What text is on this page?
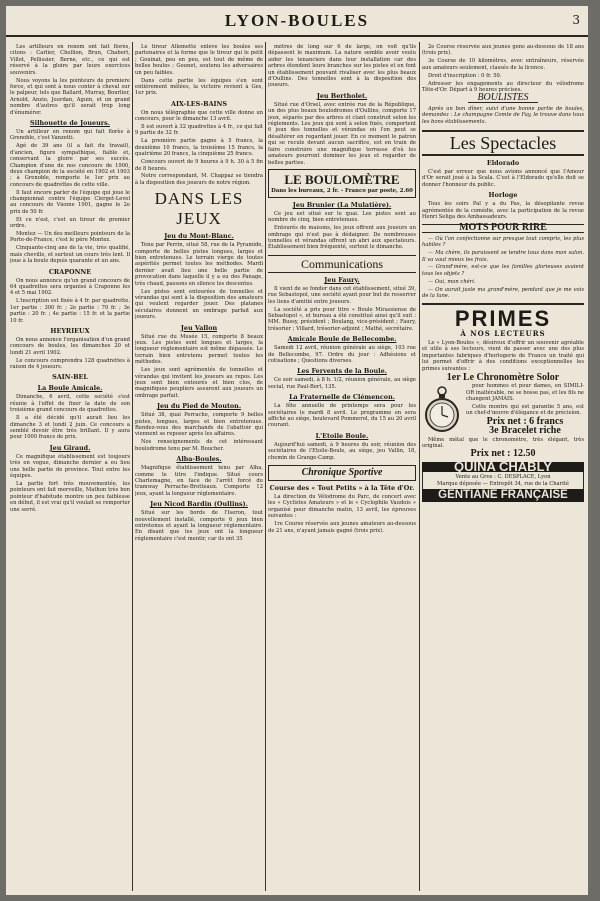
LYON-BOULES	3

Les artilleurs en renom ont fait florès, citons : Carlier, Chollion, Brun, Chabert, Villot, Pellissier, Berne, etc., ce qui est réservé à la gloire par leurs exercices souvenirs.

Nous voyons la les pointeurs de premiere force, et qui sont à nous conter à cheval sur le palpeur, tels que Ballard, Murray, Bourlier, Arnold, Anzio, Jourdan, Aguin, et un grand nombre d'autres qu'il serait trop long d'énumérer.

Silhouette de Joueurs.

Un artilleur en renom qui fait florès à Grenoble, c'est Vanzetti.

Agé de 39 ans (il a fait du travail), d'ancien, figure sympathique, fiable et, conservant la gloire par ses succès. Champion d'une de nos concours de 1900, deux champion de la société en 1902 et 1903 ; à Grenoble, remporte le 1er prix au concours de quadrettes de cette ville.

Il faut encore parler de l'équipe qui joue le championnat contre l'équipe Clerget-Level au concours de Vienne 1901, gagne le 2e prix de 50 fr.

Et ce n'est, c'est un tireur de premier ordre.

Montez — Un des meilleurs pointeurs de la Porte-de-France, c'est le père Montez.

Cinquante-cinq ans de la vie, très qualifié, mais cheville, et surtout un cours très lent. Il joue à la boule depuis quarante et un ans.

CRAPONNE

On nous annonce qu'un grand concours de 64 quadrettes sera organisé à Craponne les 4 et 5 mai 1902.

L'inscription est fixée à 4 fr. par quadrette. 1er partie : 300 fr. ; 2e partie : 70 fr. ; 3e partie : 20 fr. ; 4e partie : 15 fr. et la partie 10 fr.

HEYRIEUX

On nous annonce l'organisation d'un grand concours de boules, les dimanches 20 et lundi 21 avril 1902.

Le concours comprendra 128 quadrettes à raison de 4 joueurs.

SAIN-BEL
La Boule Amicale.

Dimanche, 6 avril, cette société s'est réunie à l'effet de fixer la date de son troisième grand concours de quadrettes.

Il a été décidé qu'il aurait lieu les dimanche 3 et lundi 2 juin. Ce concours a semblé devoir être très brillant. Il y aura pour 1000 francs de prix.

Jeu Giraud.

Ce magnifique établissement est toujours très en vogue, dimanche dernier a eu lieu une belle partie de province. Tout entre les équipes.

La partie fort très mouvementée, les pointeurs ont fait merveille, Mathon très bon pointeur d'habitude montre un peu faiblesse en début, il est vrai qu'il voulait se remporter une serré.

Le tireur Allemette enlève les boules ses partenaires et la forme que le tireur qui le petit ; Gouinat, peu en peu, est tout de même de belles boules ; Gounet, soutenu les adversaires un peu faibles.

Dans cette partie les équipes s'en sont entièrement mêlées, la victoire revient à Ges, 1er prix.

AIX-LES-BAINS

On nous télégraphie que cette ville donne un concours, pour le dimanche 13 avril.

Il est ouvert à 32 quadrettes à 4 fr., ce qui fait 9 partie de 32 fr.

La première partie gagne à 5 francs, la deuxième 10 francs, la troisième 15 francs, la quatrième 20 francs, la cinquième 25 francs.

Concours ouvert de 9 heures à 9 h. 30 à 5 fin de 8 heures.

Notre correspondant, M. Chappaz se tiendra à la disposition des joueurs de notre région.

DANS LES JEUX
Jeu du Mont-Blanc.

Tenu par Perrin, situé 58, rue de la Pyramide, comporte de belles pistes longues, larges et bien entretenues. Le terrain vierge de toutes aspérités permet toutes les méthodes. Mardi dernier avait lieu une belle partie de provocation dans laquelle il y a eu des Panage, très chaud, passons en silence les descentes.

Les pistes sont entourées de tonnelles et vérandas qui sont à la disposition des amateurs qui veulent regarder jouer. Des platanes séculaires donnent un ombrage parfait aux joueurs.

Jeu Vallon

Situé rue du Musée 15, comporte 8 beaux jeux. Les pistes sont longues et larges, la longueur réglementaire est même dépassée. Le terrain bien entretenu permet toutes les méthodes.

Les jeux sont agrémentés de tonnelles et vérandas qui invitent les joueurs au repos. Les jeux sont bien entourés et bien clos, de magnifiques peupliers assurent aux joueurs un ombrage parfait.

Jeu du Pied de Mouton.

Situé 38, quai Perrache, comporte 9 belles pistes, longues, larges et bien entretenues. Rendez-vous des marchands de l'abattoir qui viennent se reposer après les affaires.

Nos renseignements de cet intéressant boulodrome tenu par M. Boucher.

Alba-Boules.

Magnifique établissement tenu par Alba, comme le titre l'indique. Situé cours Charlemagne, en face de l'arrêt forcé du tramway Perrache-Brotteaux. Comporte 12 jeux, ayant la longueur réglementaire.

Jeu Nicod Bardin (Oullins).

Situé sur les bords de l'Iseron, tout nouvellement installé, comporte 6 jeux bien entretenus et ayant la longueur réglementaire. En disant que les jeux ont la longueur réglementaire c'est mentir, car ils ont 35

mètres de long sur 6 de large, on voit qu'ils dépassent le maximum. La nature semble avoir voulu aider les tenanciers dans leur installation car des arbres étendent leurs branches sur les pistes et en font un établissement pouvant rivaliser avec les plus beaux d'Oullins. Des tonnelles sont à la disposition des joueurs.

Jeu Bertholet.

Situé rue d'Orsel, avec entrée rue de la République, un des plus beaux boulodromes d'Oullins, comporte 17 jeux, séparés par des arbres et clant construit selon les réglements. Les jeux qui sont à selon fixés, comportent 6 jeux des tonnelles et vérandas où l'on peut se désaltérer en regardant jouer. En ce moment le patron qui se recule devant aucun sacrifice, est en train de faire construire une magnifique terrasse d'où les amateurs pourront dominer les jeux et regarder de belles parties.

LE BOULOMÈTRE
Dans les bureaux, 2 fr. - Franco par poste, 2.60
Jeu Brunier (La Mulatière).

Ce jeu est situé sur le quai. Les pistes sont au nombre de cinq, bien entretenues.

Entourés de maisons, les jeux offrent aux joueurs un ombrage qui n'est pas à dédaigner. De nombreuses tonnelles et vérandas offrent un abri aux spectateurs. Établissement bien fréquenté, surtout le dimanche.

Communications
Jeu Faury.

Il vient de se fonder dans cet établissement, situé 39, rue Sebastopol, une société ayant pour but de resserrer les liens d'amitié entre joueurs.

La société a pris pour titre « Boule Mirassiense de Sebastopol », et bureau a été constitué ainsi qu'il suit : MM. Bussy, président ; Boulang, vice-président ; Faury, trésorier ; Villard, trésorier-adjoint ; Mathé, secrétaire.

Amicale Boule de Bellecombe.

Samedi 12 avril, réunion générale au siège, 103 rue de Bellecombe, 97. Ordre du jour : Adhésions et cotisations ; Questions diverses.

Les Fervents de la Boule.

Ce soir samedi, à 8 h. 1/2, réunion générale, au siège social, rue Paul-Bert, 135.

La Fraternelle de Clémencon.

La fête annuelle de printemps sera pour les sociétaires le mardi 8 avril. Le programme en sera affiché au siège, boulevard Pommerol, du 15 au 20 avril courant.

L'Etoile Boule.

Aujourd'hui samedi, à 9 heures du soir, réunion des sociétaires de l'Etoile-Boule, au siège, jeu Vallin, 18, chemin de Grange-Camp.

Chronique Sportive
Course des « Tout Petits » à la Tête d'Or.

La direction du Vélodrome du Parc, de concert avec les « Cyclistes Amateurs » et le « Cyclophile Vaudois » organisé pour dimanche matin, 13 avril, les épreuves suivantes :

1re Course réservée aux jeunes amateurs au-dessous de 21 ans, n'ayant jamais gagné (trois prix).

2e Course réservée aux jeunes gens au-dessous de 18 ans (trois prix).

3e Course de 10 kilomètres, avec entraîneurs, réservée aux amateurs seulement, classés de la licence.

Droit d'inscription : 0 fr. 50.

Adresser les engagements au directeur du vélodrome Tête-d'Or. Départ à 9 heures précises.

BOULISTES

Après un bon dîner, suivi d'une bonne partie de boules, demandez : Le champagne Comte de Fay, le trouve dans tous les bons établissements.

Les Spectacles
Eldorado

C'est par erreur que nous avions annoncé que l'Amour d'Or serait joué à la Scala. C'est à l'Eldorado qu'elle doit se donner l'honneur du public.

Horloge

Tous les soirs Pal y a du Pas, la désopilante revue agrémentée de la comédie, avec la participation de la revue Henri Seliga des Ambassadeurs.

MOTS POUR RIRE

— Où l'on confectionne sur presque tout compris, les plus habiles ?

— Ma chère, ils paraissent se tendre tous dans mon salon. Il va vaut mieux les frais.

— Grand'mère, est-ce que les familles glorieuses avaient tous les objets ?

— Oui, mon chéri.

— On aurait juste ma grand'mère, pendant que je me vois de la lune.

PRIMES
À NOS LECTEURS

Le « Lyon-Boules », désireux d'offrir un souvenir agréable et utile à ses lecteurs, vient de passer avec une des plus importantes fabriques d'horlogerie de France un traité qui lui permet d'offrir à des conditions exceptionnelles les primes suivantes :

1er Le Chronomètre Solor

pour hommes et pour dames, en SIMILI-OR inaltérable, ne se bosse pas, et les fils ne changent JAMAIS.

Cette montre qui est garantie 5 ans, est un chef-d'œuvre d'élégance et de précision.

Prix net : 6 francs
3e Bracelet riche

Même métal que le chronomètre, très élégant, très original.

Prix net : 12.50
QUINA CHABLY
Vente au Gros : C. DESPLACE, Lyon
Marque déposée — Entrepôt 34, rue de la Charité
GENTIANE FRANÇAISE
